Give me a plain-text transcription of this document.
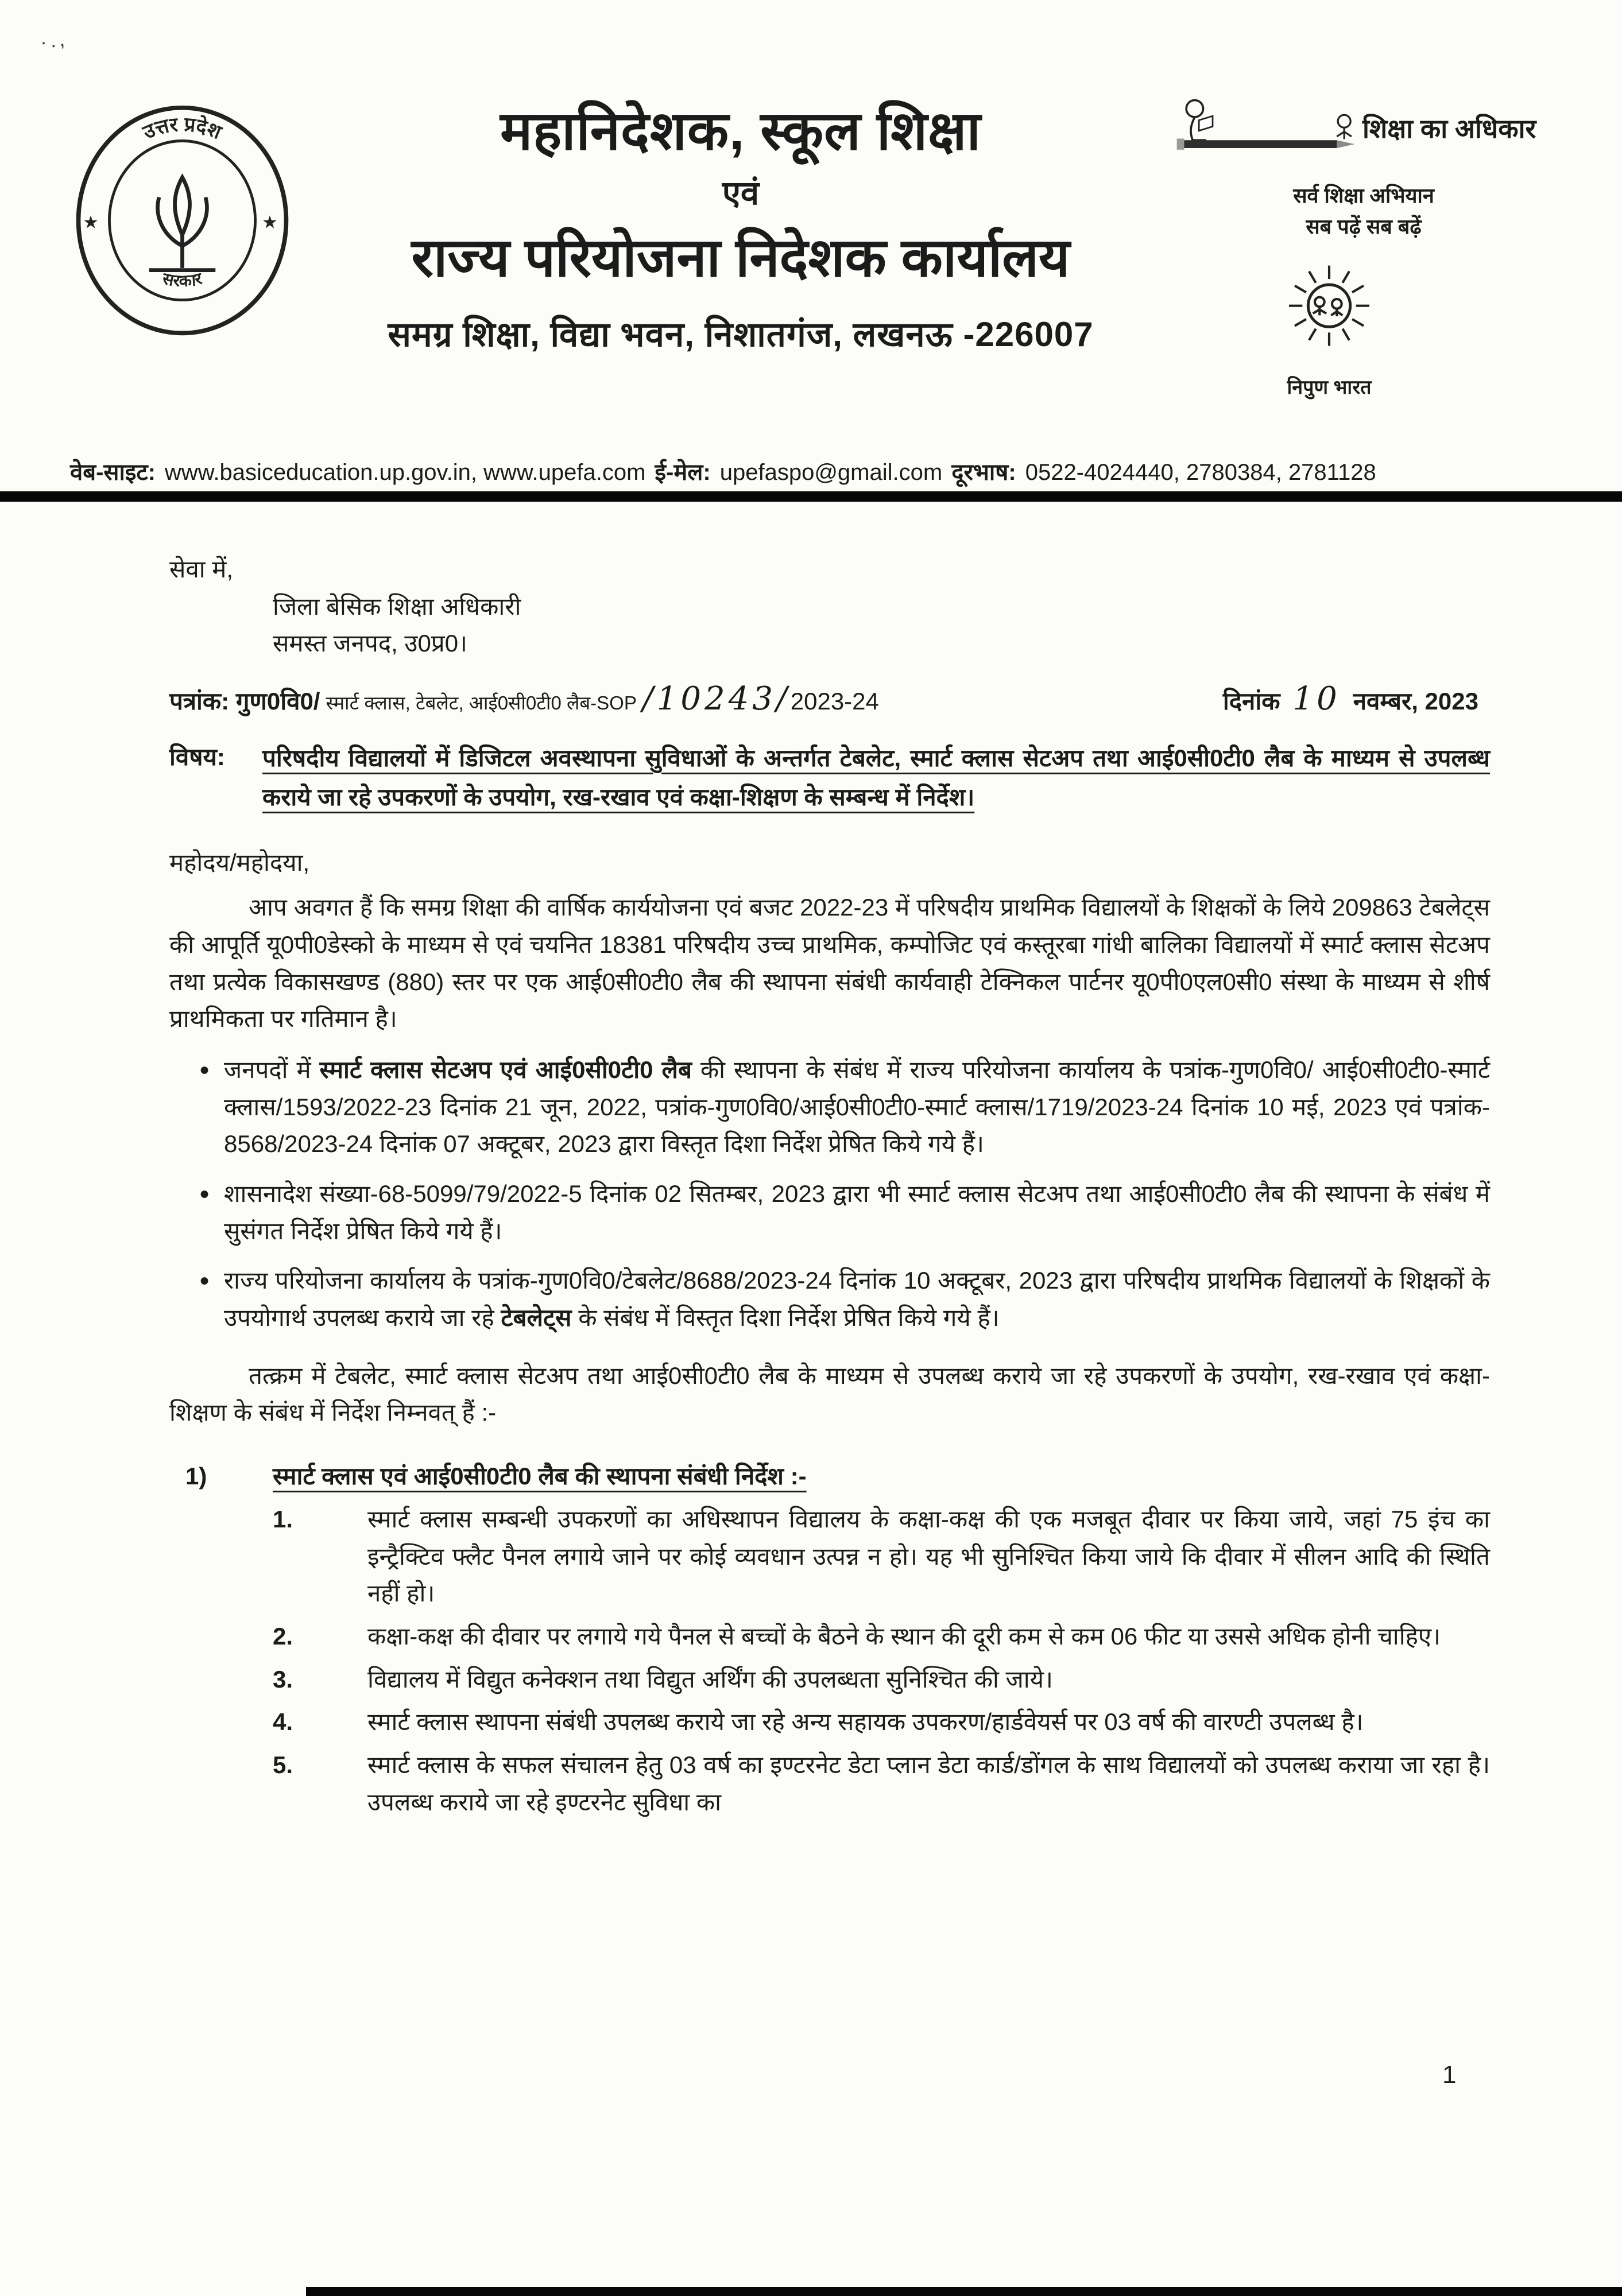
·.,
उत्तर प्रदेश
सरकार
★	★
महानिदेशक, स्कूल शिक्षा
एवं
राज्य परियोजना निदेशक कार्यालय
समग्र शिक्षा, विद्या भवन, निशातगंज, लखनऊ -226007
शिक्षा का अधिकार
सर्व शिक्षा अभियान
सब पढ़ें सब बढ़ें
निपुण भारत
वेब-साइट: www.basiceducation.up.gov.in, www.upefa.com ई-मेल: upefaspo@gmail.com दूरभाष: 0522-4024440, 2780384, 2781128
सेवा में,
जिला बेसिक शिक्षा अधिकारी
समस्त जनपद, उ0प्र0।
पत्रांक:
गुण0वि0/ स्मार्ट क्लास, टेबलेट, आई0सी0टी0 लैब-SOP /10243/ 2023-24	दिनांक 10 नवम्बर, 2023
विषय:	परिषदीय विद्यालयों में डिजिटल अवस्थापना सुविधाओं के अन्तर्गत टेबलेट, स्मार्ट क्लास सेटअप तथा आई0सी0टी0 लैब के माध्यम से उपलब्ध कराये जा रहे उपकरणों के उपयोग, रख-रखाव एवं कक्षा-शिक्षण के सम्बन्ध में निर्देश।
महोदय/महोदया,
आप अवगत हैं कि समग्र शिक्षा की वार्षिक कार्ययोजना एवं बजट 2022-23 में परिषदीय प्राथमिक विद्यालयों के शिक्षकों के लिये 209863 टेबलेट्स की आपूर्ति यू0पी0डेस्को के माध्यम से एवं चयनित 18381 परिषदीय उच्च प्राथमिक, कम्पोजिट एवं कस्तूरबा गांधी बालिका विद्यालयों में स्मार्ट क्लास सेटअप तथा प्रत्येक विकासखण्ड (880) स्तर पर एक आई0सी0टी0 लैब की स्थापना संबंधी कार्यवाही टेक्निकल पार्टनर यू0पी0एल0सी0 संस्था के माध्यम से शीर्ष प्राथमिकता पर गतिमान है।
● जनपदों में स्मार्ट क्लास सेटअप एवं आई0सी0टी0 लैब की स्थापना के संबंध में राज्य परियोजना कार्यालय के पत्रांक-गुण0वि0/ आई0सी0टी0-स्मार्ट क्लास/1593/2022-23 दिनांक 21 जून, 2022, पत्रांक-गुण0वि0/आई0सी0टी0-स्मार्ट क्लास/1719/2023-24 दिनांक 10 मई, 2023 एवं पत्रांक- 8568/2023-24 दिनांक 07 अक्टूबर, 2023 द्वारा विस्तृत दिशा निर्देश प्रेषित किये गये हैं।
● शासनादेश संख्या-68-5099/79/2022-5 दिनांक 02 सितम्बर, 2023 द्वारा भी स्मार्ट क्लास सेटअप तथा आई0सी0टी0 लैब की स्थापना के संबंध में सुसंगत निर्देश प्रेषित किये गये हैं।
● राज्य परियोजना कार्यालय के पत्रांक-गुण0वि0/टेबलेट/8688/2023-24 दिनांक 10 अक्टूबर, 2023 द्वारा परिषदीय प्राथमिक विद्यालयों के शिक्षकों के उपयोगार्थ उपलब्ध कराये जा रहे टेबलेट्स के संबंध में विस्तृत दिशा निर्देश प्रेषित किये गये हैं।
तत्क्रम में टेबलेट, स्मार्ट क्लास सेटअप तथा आई0सी0टी0 लैब के माध्यम से उपलब्ध कराये जा रहे उपकरणों के उपयोग, रख-रखाव एवं कक्षा-शिक्षण के संबंध में निर्देश निम्नवत् हैं :-
1)	स्मार्ट क्लास एवं आई0सी0टी0 लैब की स्थापना संबंधी निर्देश :-
1.	स्मार्ट क्लास सम्बन्धी उपकरणों का अधिस्थापन विद्यालय के कक्षा-कक्ष की एक मजबूत दीवार पर किया जाये, जहां 75 इंच का इन्ट्रैक्टिव फ्लैट पैनल लगाये जाने पर कोई व्यवधान उत्पन्न न हो। यह भी सुनिश्चित किया जाये कि दीवार में सीलन आदि की स्थिति नहीं हो।
2.	कक्षा-कक्ष की दीवार पर लगाये गये पैनल से बच्चों के बैठने के स्थान की दूरी कम से कम 06 फीट या उससे अधिक होनी चाहिए।
3.	विद्यालय में विद्युत कनेक्शन तथा विद्युत अर्थिंग की उपलब्धता सुनिश्चित की जाये।
4.	स्मार्ट क्लास स्थापना संबंधी उपलब्ध कराये जा रहे अन्य सहायक उपकरण/हार्डवेयर्स पर 03 वर्ष की वारण्टी उपलब्ध है।
5.	स्मार्ट क्लास के सफल संचालन हेतु 03 वर्ष का इण्टरनेट डेटा प्लान डेटा कार्ड/डोंगल के साथ विद्यालयों को उपलब्ध कराया जा रहा है। उपलब्ध कराये जा रहे इण्टरनेट सुविधा का
1
